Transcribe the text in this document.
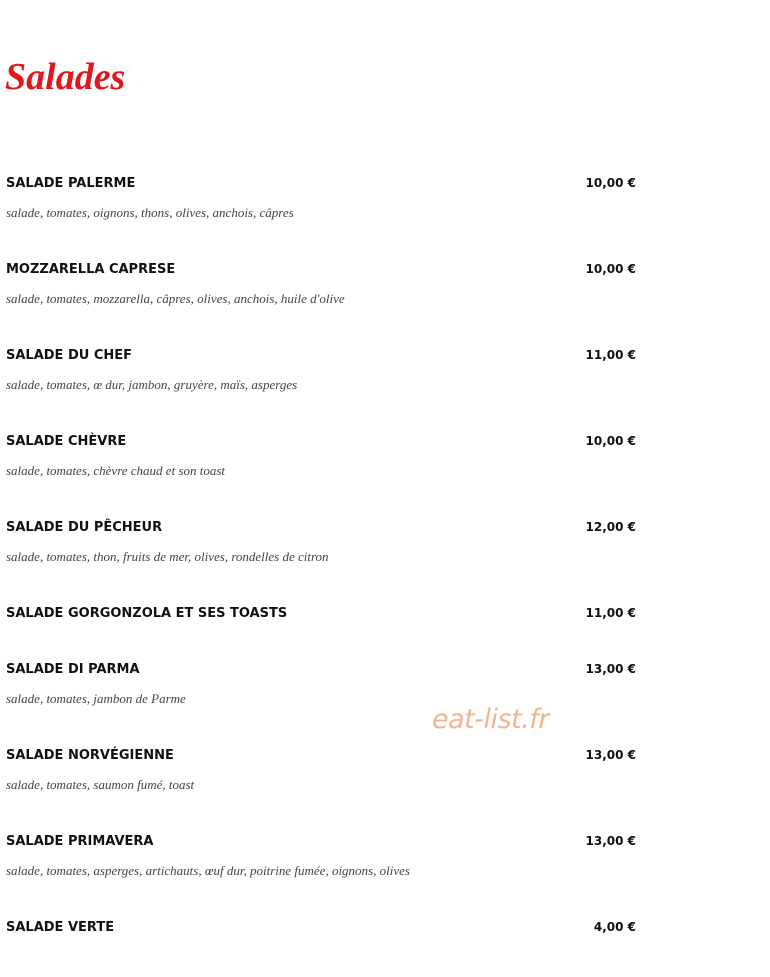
Salades
SALADE PALERME	10,00 €
salade, tomates, oignons, thons, olives, anchois, câpres
MOZZARELLA CAPRESE	10,00 €
salade, tomates, mozzarella, câpres, olives, anchois, huile d'olive
SALADE DU CHEF	11,00 €
salade, tomates, œ dur, jambon, gruyère, maïs, asperges
SALADE CHÈVRE	10,00 €
salade, tomates, chèvre chaud et son toast
SALADE DU PÊCHEUR	12,00 €
salade, tomates, thon, fruits de mer, olives, rondelles de citron
SALADE GORGONZOLA ET SES TOASTS	11,00 €
SALADE DI PARMA	13,00 €
salade, tomates, jambon de Parme
SALADE NORVÉGIENNE	13,00 €
salade, tomates, saumon fumé, toast
SALADE PRIMAVERA	13,00 €
salade, tomates, asperges, artichauts, œuf dur, poitrine fumée, oignons, olives
SALADE VERTE	4,00 €
eat-list.fr
